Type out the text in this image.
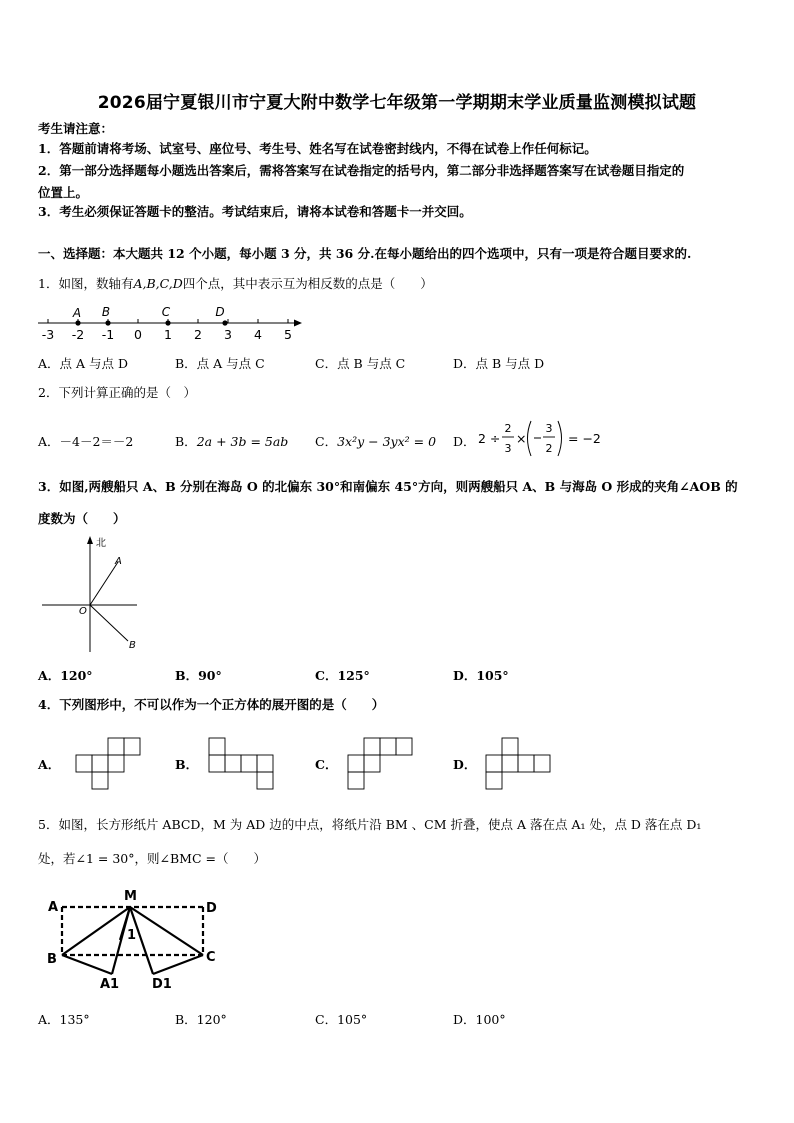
2026届宁夏银川市宁夏大附中数学七年级第一学期期末学业质量监测模拟试题
考生请注意：
1．答题前请将考场、试室号、座位号、考生号、姓名写在试卷密封线内，不得在试卷上作任何标记。
2．第一部分选择题每小题选出答案后，需将答案写在试卷指定的括号内，第二部分非选择题答案写在试卷题目指定的
位置上。
3．考生必须保证答题卡的整洁。考试结束后，请将本试卷和答题卡一并交回。
一、选择题：本大题共 12 个小题，每小题 3 分，共 36 分.在每小题给出的四个选项中，只有一项是符合题目要求的.
1．如图，数轴有A,B,C,D四个点，其中表示互为相反数的点是（　　）
A B	C	D
-3 -2 -1 0 1 2 3 4 5
A．点 A 与点 D	B．点 A 与点 C	C．点 B 与点 C	D．点 B 与点 D
2．下列计算正确的是（　）
A．－4－2＝－2	B．2a + 3b = 5ab C．3x²y − 3yx² = 0 D． 2 ÷
2
3
×
3
2
= −2
3．如图,两艘船只 A、B 分别在海岛 O 的北偏东 30°和南偏东 45°方向，则两艘船只 A、B 与海岛 O 形成的夹角∠AOB 的
度数为（　　）
北
A
O
B
A．120°	B．90°	C．125°	D．105°
4．下列图形中，不可以作为一个正方体的展开图的是（　　）
A．	B．	C．	D．
5．如图，长方形纸片 ABCD，M 为 AD 边的中点，将纸片沿 BM 、CM 折叠，使点 A 落在点 A₁ 处，点 D 落在点 D₁
处，若∠1 = 30°，则∠BMC =（　　）
A
M
D
1
B	C
A1	D1
A．135°	B．120°	C．105°	D．100°
